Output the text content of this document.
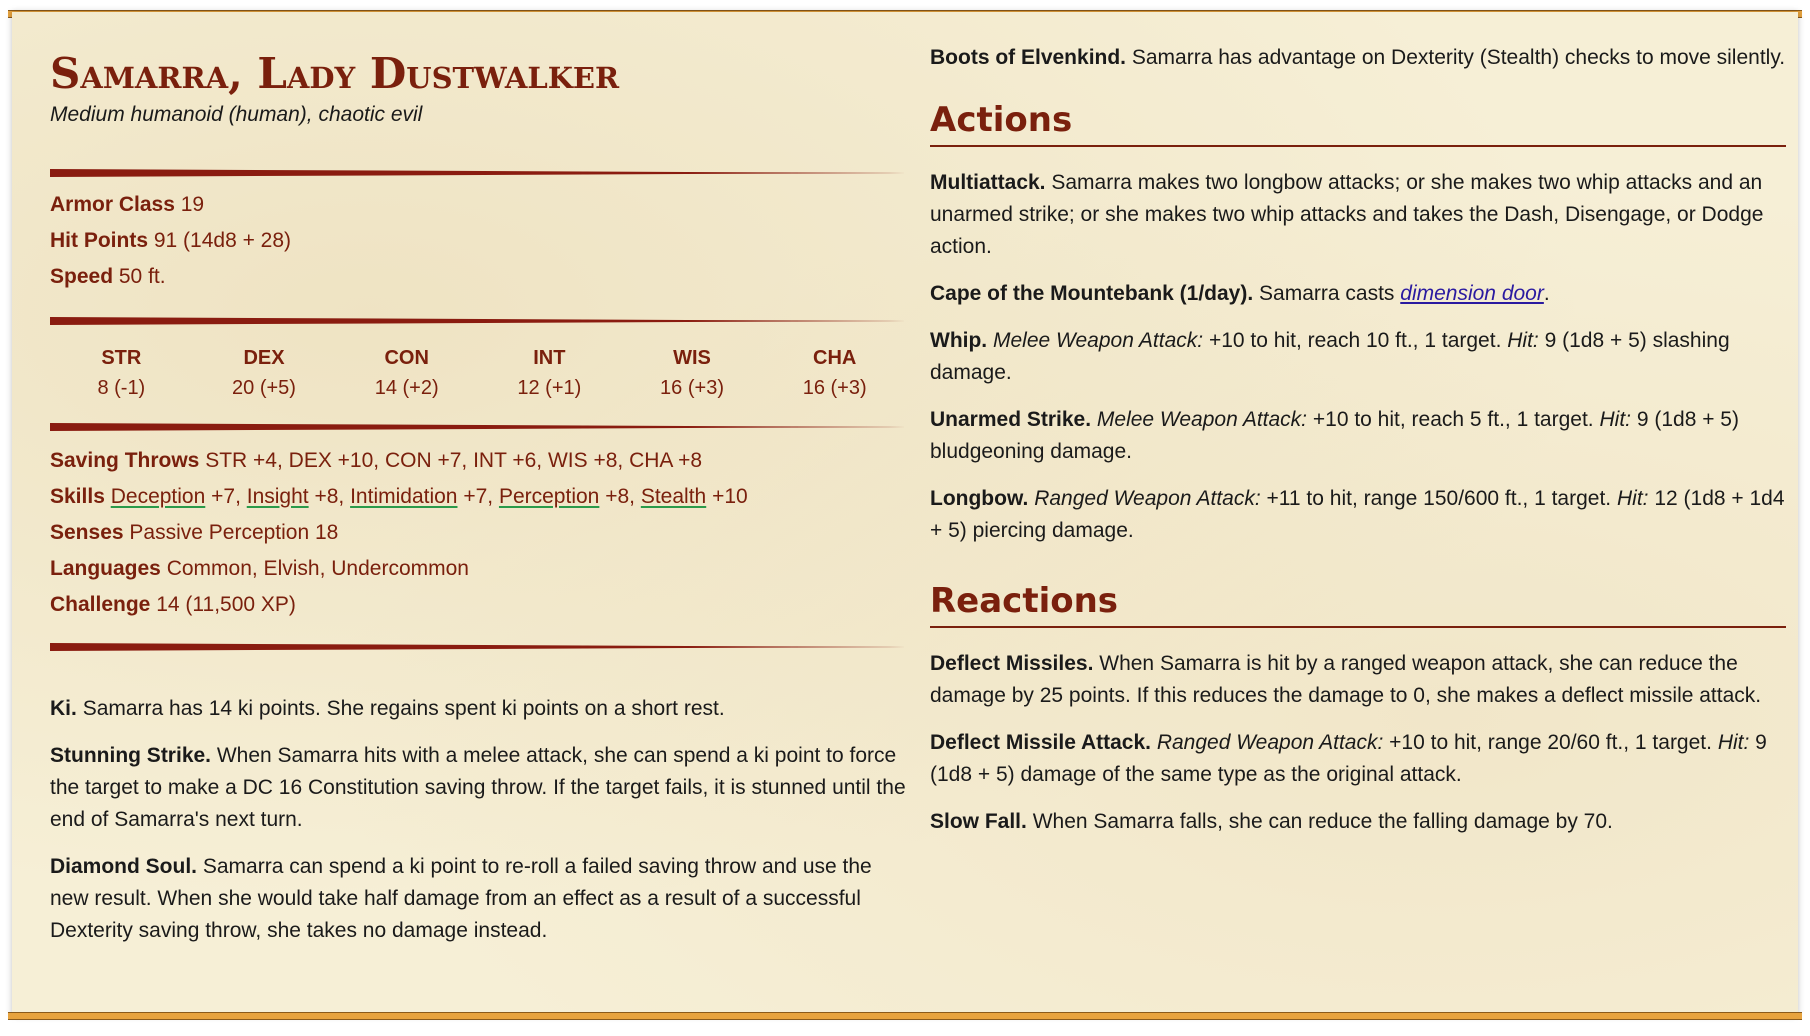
Samarra, Lady Dustwalker
Medium humanoid (human), chaotic evil
Armor Class 19
Hit Points 91 (14d8 + 28)
Speed 50 ft.
STR
8 (-1)
DEX
20 (+5)
CON
14 (+2)
INT
12 (+1)
WIS
16 (+3)
CHA
16 (+3)
Saving Throws STR +4, DEX +10, CON +7, INT +6, WIS +8, CHA +8
Skills Deception +7, Insight +8, Intimidation +7, Perception +8, Stealth +10
Senses Passive Perception 18
Languages Common, Elvish, Undercommon
Challenge 14 (11,500 XP)

Ki. Samarra has 14 ki points. She regains spent ki points on a short rest.

Stunning Strike. When Samarra hits with a melee attack, she can spend a ki point to force the target to make a DC 16 Constitution saving throw. If the target fails, it is stunned until the end of Samarra's next turn.

Diamond Soul. Samarra can spend a ki point to re-roll a failed saving throw and use the new result. When she would take half damage from an effect as a result of a successful Dexterity saving throw, she takes no damage instead.

Boots of Elvenkind. Samarra has advantage on Dexterity (Stealth) checks to move silently.

Actions

Multiattack. Samarra makes two longbow attacks; or she makes two whip attacks and an unarmed strike; or she makes two whip attacks and takes the Dash, Disengage, or Dodge action.

Cape of the Mountebank (1/day). Samarra casts dimension door.

Whip. Melee Weapon Attack: +10 to hit, reach 10 ft., 1 target. Hit: 9 (1d8 + 5) slashing damage.

Unarmed Strike. Melee Weapon Attack: +10 to hit, reach 5 ft., 1 target. Hit: 9 (1d8 + 5) bludgeoning damage.

Longbow. Ranged Weapon Attack: +11 to hit, range 150/600 ft., 1 target. Hit: 12 (1d8 + 1d4 + 5) piercing damage.

Reactions

Deflect Missiles. When Samarra is hit by a ranged weapon attack, she can reduce the damage by 25 points. If this reduces the damage to 0, she makes a deflect missile attack.

Deflect Missile Attack. Ranged Weapon Attack: +10 to hit, range 20/60 ft., 1 target. Hit: 9 (1d8 + 5) damage of the same type as the original attack.

Slow Fall. When Samarra falls, she can reduce the falling damage by 70.
